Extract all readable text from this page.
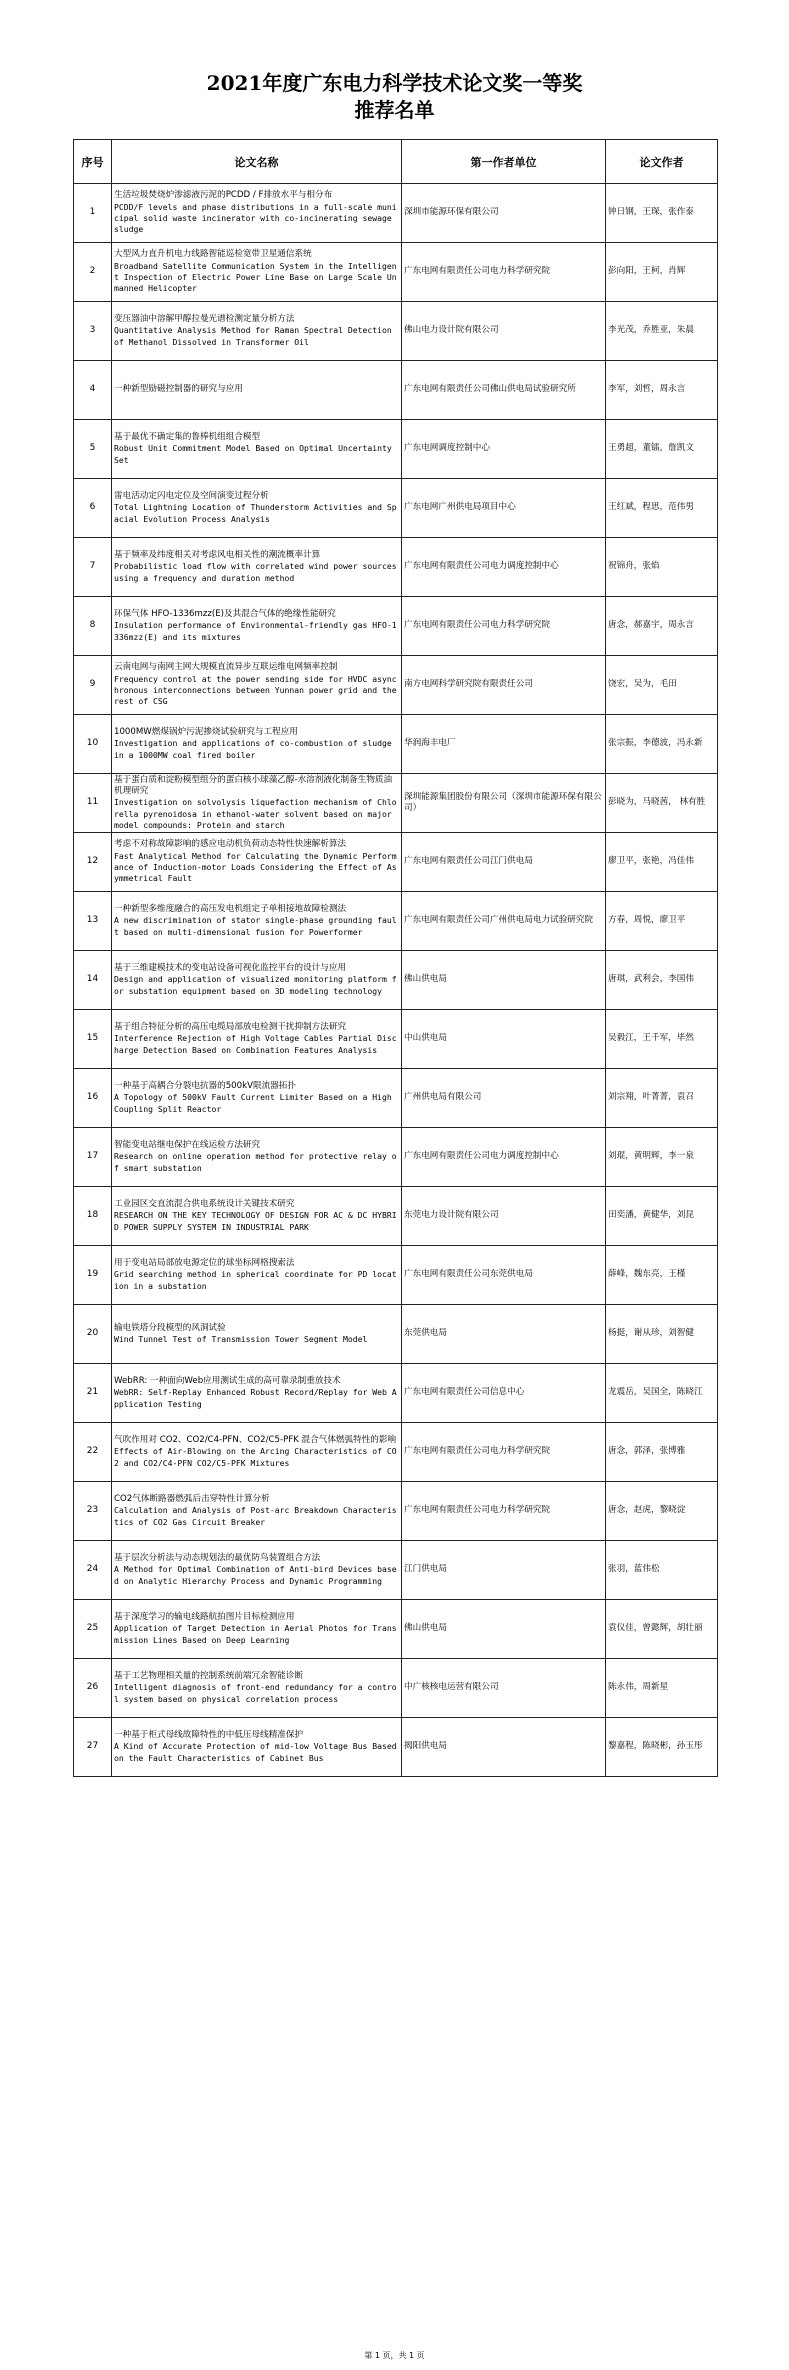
2021年度广东电力科学技术论文奖一等奖
推荐名单
序号	论文名称	第一作者单位	论文作者
1	生活垃圾焚烧炉渗滤液污泥的PCDD / F排放水平与相分布
PCDD/F levels and phase distributions in a full-scale municipal solid waste incinerator with co-incinerating sewage sludge	深圳市能源环保有限公司	钟日钢，王琛，张作泰
2	大型风力直升机电力线路智能巡检宽带卫星通信系统
Broadband Satellite Communication System in the Intelligent Inspection of Electric Power Line Base on Large Scale Unmanned Helicopter	广东电网有限责任公司电力科学研究院	彭向阳，王柯，肖辉
3	变压器油中溶解甲醇拉曼光谱检测定量分析方法
Quantitative Analysis Method for Raman Spectral Detection of Methanol Dissolved in Transformer Oil	佛山电力设计院有限公司	李光茂，乔胜亚，朱晨
4	一种新型励磁控制器的研究与应用	广东电网有限责任公司佛山供电局试验研究所	李军，刘哲，周永言
5	基于最优不确定集的鲁棒机组组合模型
Robust Unit Commitment Model Based on Optimal Uncertainty Set	广东电网调度控制中心	王勇超，董镭，詹凯文
6	雷电活动定闪电定位及空间演变过程分析
Total Lightning Location of Thunderstorm Activities and Spacial Evolution Process Analysis	广东电网广州供电局项目中心	王红斌，程思，范伟男
7	基于频率及纬度相关对考虑风电相关性的潮流概率计算
Probabilistic load flow with correlated wind power sources using a frequency and duration method	广东电网有限责任公司电力调度控制中心	祝锦舟，张焰
8	环保气体 HFO-1336mzz(E)及其混合气体的绝缘性能研究
Insulation performance of Environmental-friendly gas HFO-1336mzz(E) and its mixtures	广东电网有限责任公司电力科学研究院	唐念，郝嘉宇，周永言
9	云南电网与南网主网大规模直流异步互联运维电网频率控制
Frequency control at the power sending side for HVDC asynchronous interconnections between Yunnan power grid and the rest of CSG	南方电网科学研究院有限责任公司	饶宏，吴为，毛田
10	1000MW燃煤锅炉污泥掺烧试验研究与工程应用
Investigation and applications of co-combustion of sludge in a 1000MW coal fired boiler	华润海丰电厂	张宗振，李德波，冯永新
11	基于蛋白质和淀粉模型组分的蛋白核小球藻乙醇-水溶剂液化制备生物质油机理研究
Investigation on solvolysis liquefaction mechanism of Chlorella pyrenoidosa in ethanol-water solvent based on major model compounds: Protein and starch	深圳能源集团股份有限公司（深圳市能源环保有限公司）	彭晓为，马晓茜， 林有胜
12	考虑不对称故障影响的感应电动机负荷动态特性快速解析算法
Fast Analytical Method for Calculating the Dynamic Performance of Induction-motor Loads Considering the Effect of Asymmetrical Fault	广东电网有限责任公司江门供电局	廖卫平，张艳，冯佳伟
13	一种新型多维度融合的高压发电机组定子单相接地故障检测法
A new discrimination of stator single-phase grounding fault based on multi-dimensional fusion for Powerformer	广东电网有限责任公司广州供电局电力试验研究院	方春，周悦，廖卫平
14	基于三维建模技术的变电站设备可视化监控平台的设计与应用
Design and application of visualized monitoring platform for substation equipment based on 3D modeling technology	佛山供电局	唐琪，武利会，李国伟
15	基于组合特征分析的高压电缆局部放电检测干扰抑制方法研究
Interference Rejection of High Voltage Cables Partial Discharge Detection Based on Combination Features Analysis	中山供电局	吴毅江，王千军，毕然
16	一种基于高耦合分裂电抗器的500kV限流器拓扑
A Topology of 500kV Fault Current Limiter Based on a High Coupling Split Reactor	广州供电局有限公司	刘宗翔，叶菁菁，袁召
17	智能变电站继电保护在线运检方法研究
Research on online operation method for protective relay of smart substation	广东电网有限责任公司电力调度控制中心	刘琨，黄明辉，李一泉
18	工业园区交直流混合供电系统设计关键技术研究
RESEARCH ON THE KEY TECHNOLOGY OF DESIGN FOR AC & DC HYBRID POWER SUPPLY SYSTEM IN INDUSTRIAL PARK	东莞电力设计院有限公司	田奕潘，黄健华，刘昆
19	用于变电站局部放电源定位的球坐标网格搜索法
Grid searching method in spherical coordinate for PD location in a substation	广东电网有限责任公司东莞供电局	薛峰，魏东亮，王槿
20	输电铁塔分段模型的风洞试验
Wind Tunnel Test of Transmission Tower Segment Model	东莞供电局	杨挺，谢从珍，刘智健
21	WebRR: 一种面向Web应用测试生成的高可靠录制重放技术
WebRR: Self-Replay Enhanced Robust Record/Replay for Web Application Testing	广东电网有限责任公司信息中心	龙震岳，吴国全，陈晓江
22	气吹作用对 CO2、CO2/C4-PFN、CO2/C5-PFK 混合气体燃弧特性的影响
Effects of Air-Blowing on the Arcing Characteristics of CO2 and CO2/C4-PFN CO2/C5-PFK Mixtures	广东电网有限责任公司电力科学研究院	唐念，郭泽，张博雅
23	CO2气体断路器燃弧后击穿特性计算分析
Calculation and Analysis of Post-arc Breakdown Characteristics of CO2 Gas Circuit Breaker	广东电网有限责任公司电力科学研究院	唐念，赵虎，黎晓淀
24	基于层次分析法与动态规划法的最优防鸟装置组合方法
A Method for Optimal Combination of Anti-bird Devices based on Analytic Hierarchy Process and Dynamic Programming	江门供电局	张羽，蓝伟松
25	基于深度学习的输电线路航拍图片目标检测应用
Application of Target Detection in Aerial Photos for Transmission Lines Based on Deep Learning	佛山供电局	袁仪佳，曾懿辉，胡壮丽
26	基于工艺物理相关量的控制系统前端冗余智能诊断
Intelligent diagnosis of front-end redundancy for a control system based on physical correlation process	中广核核电运营有限公司	陈永伟，周新星
27	一种基于柜式母线故障特性的中低压母线精准保护
A Kind of Accurate Protection of mid-low Voltage Bus Based on the Fault Characteristics of Cabinet Bus	揭阳供电局	黎嘉程，陈晓彬，孙玉彤
第 1 页，共 1 页
